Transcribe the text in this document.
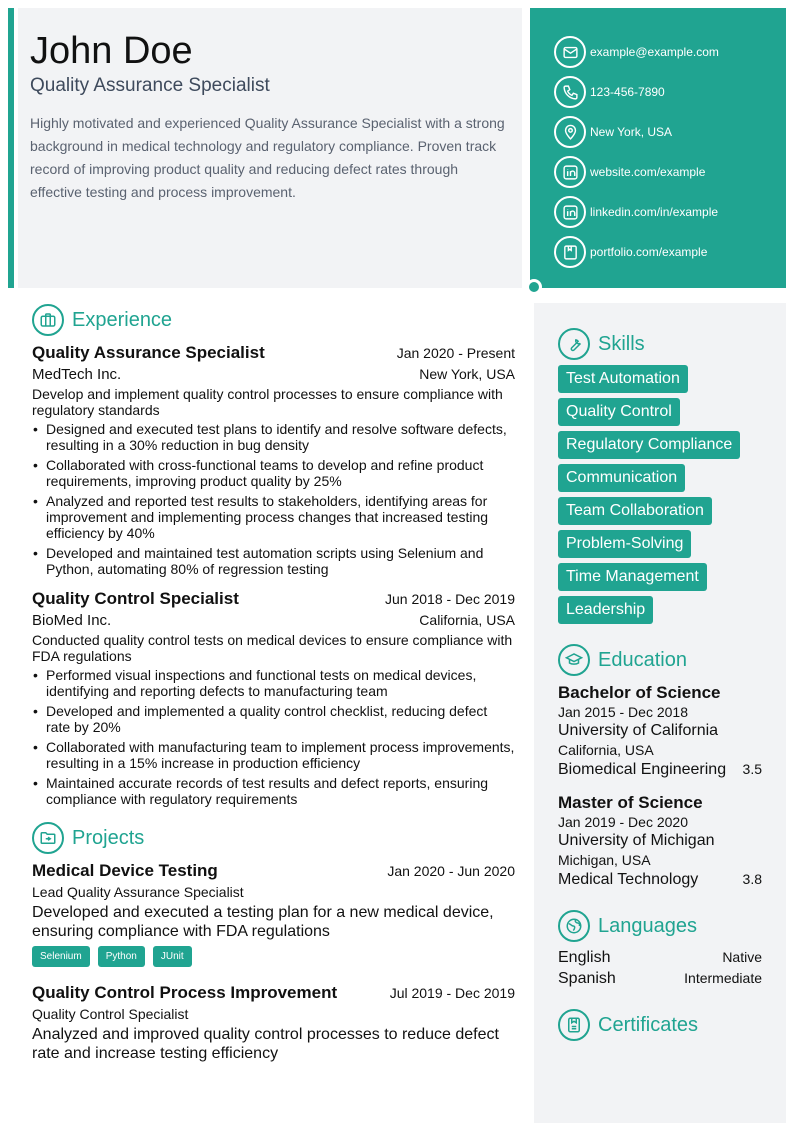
John Doe
Quality Assurance Specialist
Highly motivated and experienced Quality Assurance Specialist with a strong background in medical technology and regulatory compliance. Proven track record of improving product quality and reducing defect rates through effective testing and process improvement.
example@example.com
123-456-7890
New York, USA
website.com/example
linkedin.com/in/example
portfolio.com/example
Experience
Quality Assurance Specialist	Jan 2020 - Present
MedTech Inc.	New York, USA
Develop and implement quality control processes to ensure compliance with regulatory standards
• Designed and executed test plans to identify and resolve software defects, resulting in a 30% reduction in bug density
• Collaborated with cross-functional teams to develop and refine product requirements, improving product quality by 25%
• Analyzed and reported test results to stakeholders, identifying areas for improvement and implementing process changes that increased testing efficiency by 40%
• Developed and maintained test automation scripts using Selenium and Python, automating 80% of regression testing
Quality Control Specialist	Jun 2018 - Dec 2019
BioMed Inc.	California, USA
Conducted quality control tests on medical devices to ensure compliance with FDA regulations
• Performed visual inspections and functional tests on medical devices, identifying and reporting defects to manufacturing team
• Developed and implemented a quality control checklist, reducing defect rate by 20%
• Collaborated with manufacturing team to implement process improvements, resulting in a 15% increase in production efficiency
• Maintained accurate records of test results and defect reports, ensuring compliance with regulatory requirements
Projects
Medical Device Testing	Jan 2020 - Jun 2020
Lead Quality Assurance Specialist
Developed and executed a testing plan for a new medical device, ensuring compliance with FDA regulations
Selenium	Python	JUnit
Quality Control Process Improvement	Jul 2019 - Dec 2019
Quality Control Specialist
Analyzed and improved quality control processes to reduce defect rate and increase testing efficiency
Skills
Test Automation
Quality Control
Regulatory Compliance
Communication
Team Collaboration
Problem-Solving
Time Management
Leadership
Education
Bachelor of Science
Jan 2015 - Dec 2018
University of California
California, USA
Biomedical Engineering 3.5
Master of Science
Jan 2019 - Dec 2020
University of Michigan
Michigan, USA
Medical Technology	3.8
Languages
English	Native
Spanish	Intermediate
Certificates
